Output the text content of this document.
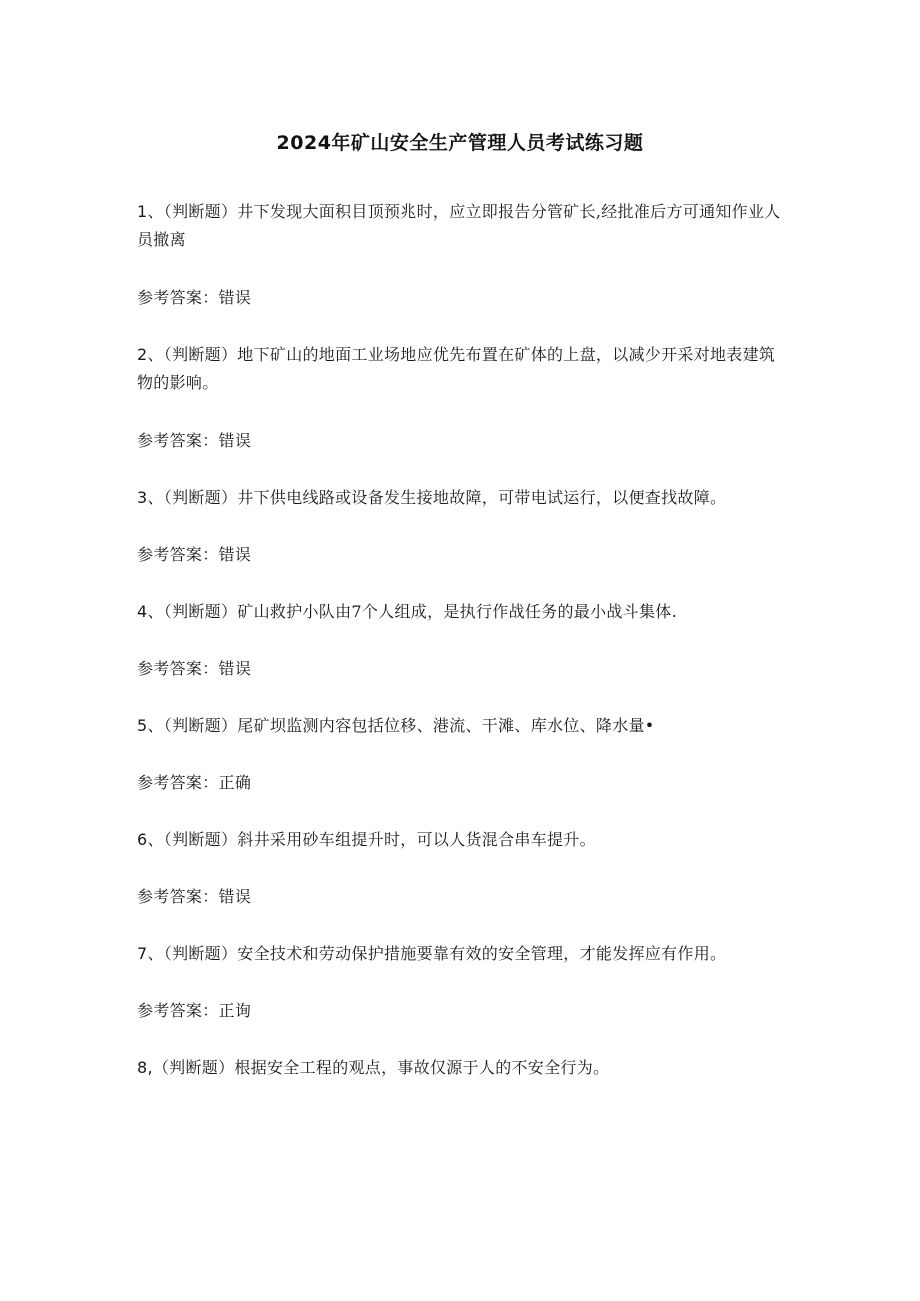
2024年矿山安全生产管理人员考试练习题

1、（判断题）井下发现大面积目顶预兆时，应立即报告分管矿长,经批准后方可通知作业人员撤离

参考答案：错误

2、（判断题）地下矿山的地面工业场地应优先布置在矿体的上盘，以减少开采对地表建筑物的影响。

参考答案：错误

3、（判断题）井下供电线路或设备发生接地故障，可带电试运行，以便查找故障。

参考答案：错误

4、（判断题）矿山救护小队由7个人组成，是执行作战任务的最小战斗集体.

参考答案：错误

5、（判断题）尾矿坝监测内容包括位移、港流、干滩、库水位、降水量•

参考答案：正确

6、（判断题）斜井采用砂车组提升时，可以人货混合串车提升。

参考答案：错误

7、（判断题）安全技术和劳动保护措施要靠有效的安全管理，才能发挥应有作用。

参考答案：正询

8,（判断题）根据安全工程的观点，事故仅源于人的不安全行为。
